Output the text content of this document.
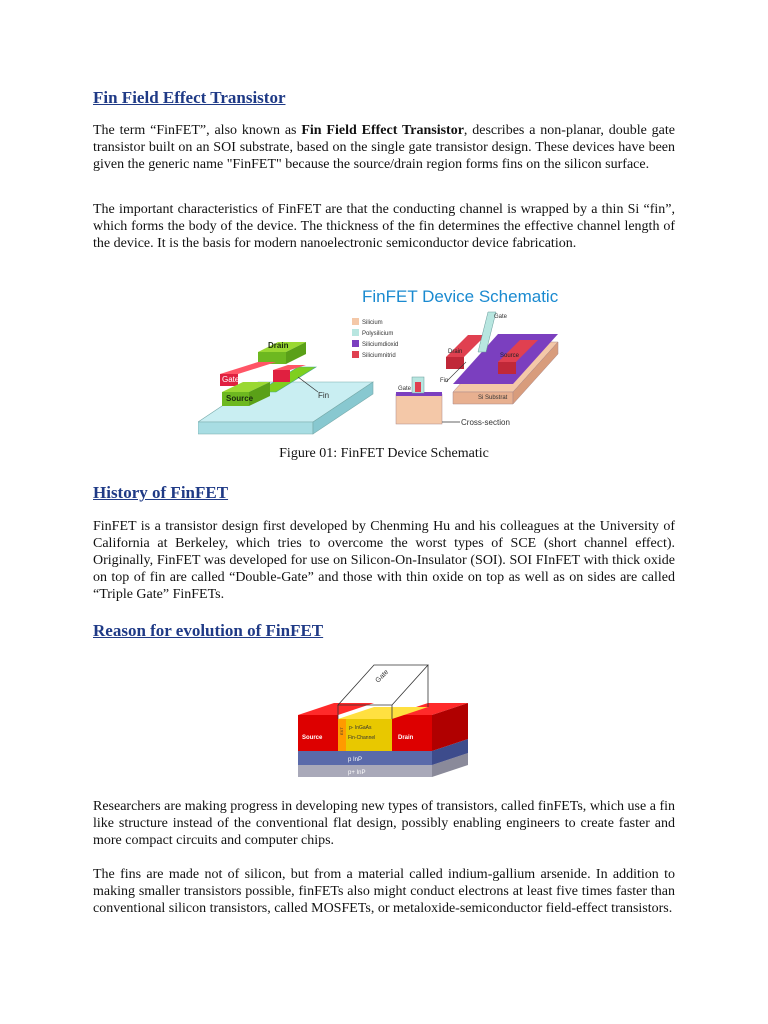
Fin Field Effect Transistor

The term “FinFET”, also known as Fin Field Effect Transistor, describes a non-planar, double gate transistor built on an SOI substrate, based on the single gate transistor design. These devices have been given the generic name "FinFET" because the source/drain region forms fins on the silicon surface.

The important characteristics of FinFET are that the conducting channel is wrapped by a thin Si “fin”, which forms the body of the device. The thickness of the fin determines the effective channel length of the device. It is the basis for modern nanoelectronic semiconductor device fabrication.

FinFET Device Schematic
Drain
Gate
Source	Fin
Silicium
Polysilicium
Siliciumdioxid
Siliciumnitrid
Si Substrat
Source
Drain
Gate
Fin
Gate
Cross-section
Figure 01: FinFET Device Schematic
History of FinFET

FinFET is a transistor design first developed by Chenming Hu and his colleagues at the University of California at Berkeley, which tries to overcome the worst types of SCE (short channel effect). Originally, FinFET was developed for use on Silicon-On-Insulator (SOI). SOI FInFET with thick oxide on top of fin are called “Double-Gate” and those with thin oxide on top as well as on sides are called “Triple Gate” FinFETs.

Reason for evolution of FinFET
p+ InP
p InP
Source	Drain
EXT p- InGaAs
Fin-Channel
Gate

Researchers are making progress in developing new types of transistors, called finFETs, which use a fin like structure instead of the conventional flat design, possibly enabling engineers to create faster and more compact circuits and computer chips.

The fins are made not of silicon, but from a material called indium-gallium arsenide. In addition to making smaller transistors possible, finFETs also might conduct electrons at least five times faster than conventional silicon transistors, called MOSFETs, or metaloxide-semiconductor field-effect transistors.
